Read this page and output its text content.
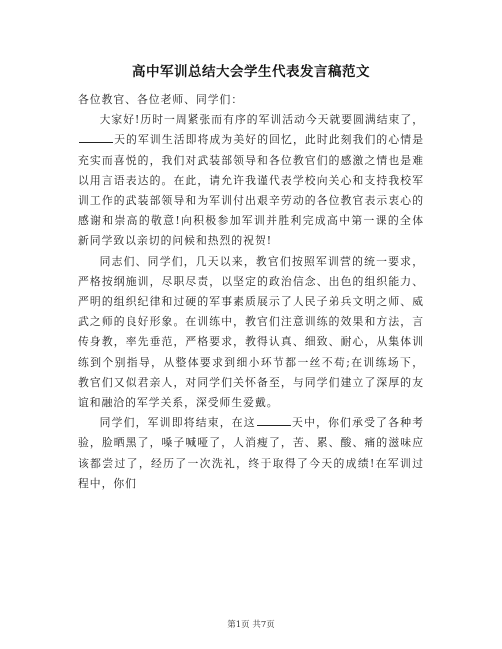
高中军训总结大会学生代表发言稿范文

各位教官、各位老师、同学们：

大家好!历时一周紧张而有序的军训活动今天就要圆满结束了，天的军训生活即将成为美好的回忆，此时此刻我们的心情是充实而喜悦的，我们对武装部领导和各位教官们的感激之情也是难以用言语表达的。在此，请允许我谨代表学校向关心和支持我校军训工作的武装部领导和为军训付出艰辛劳动的各位教官表示衷心的感谢和崇高的敬意!向积极参加军训并胜利完成高中第一课的全体新同学致以亲切的问候和热烈的祝贺!

同志们、同学们，几天以来，教官们按照军训营的统一要求，严格按纲施训，尽职尽责，以坚定的政治信念、出色的组织能力、严明的组织纪律和过硬的军事素质展示了人民子弟兵文明之师、威武之师的良好形象。在训练中，教官们注意训练的效果和方法，言传身教，率先垂范，严格要求，教得认真、细致、耐心，从集体训练到个别指导，从整体要求到细小环节都一丝不苟;在训练场下，教官们又似君亲人，对同学们关怀备至，与同学们建立了深厚的友谊和融洽的军学关系，深受师生爱戴。

同学们，军训即将结束，在这	天中，你们承受了各种考验，脸晒黑了，嗓子喊哑了，人消瘦了，苦、累、酸、痛的滋味应该都尝过了，经历了一次洗礼，终于取得了今天的成绩!在军训过程中，你们

第1页 共7页
